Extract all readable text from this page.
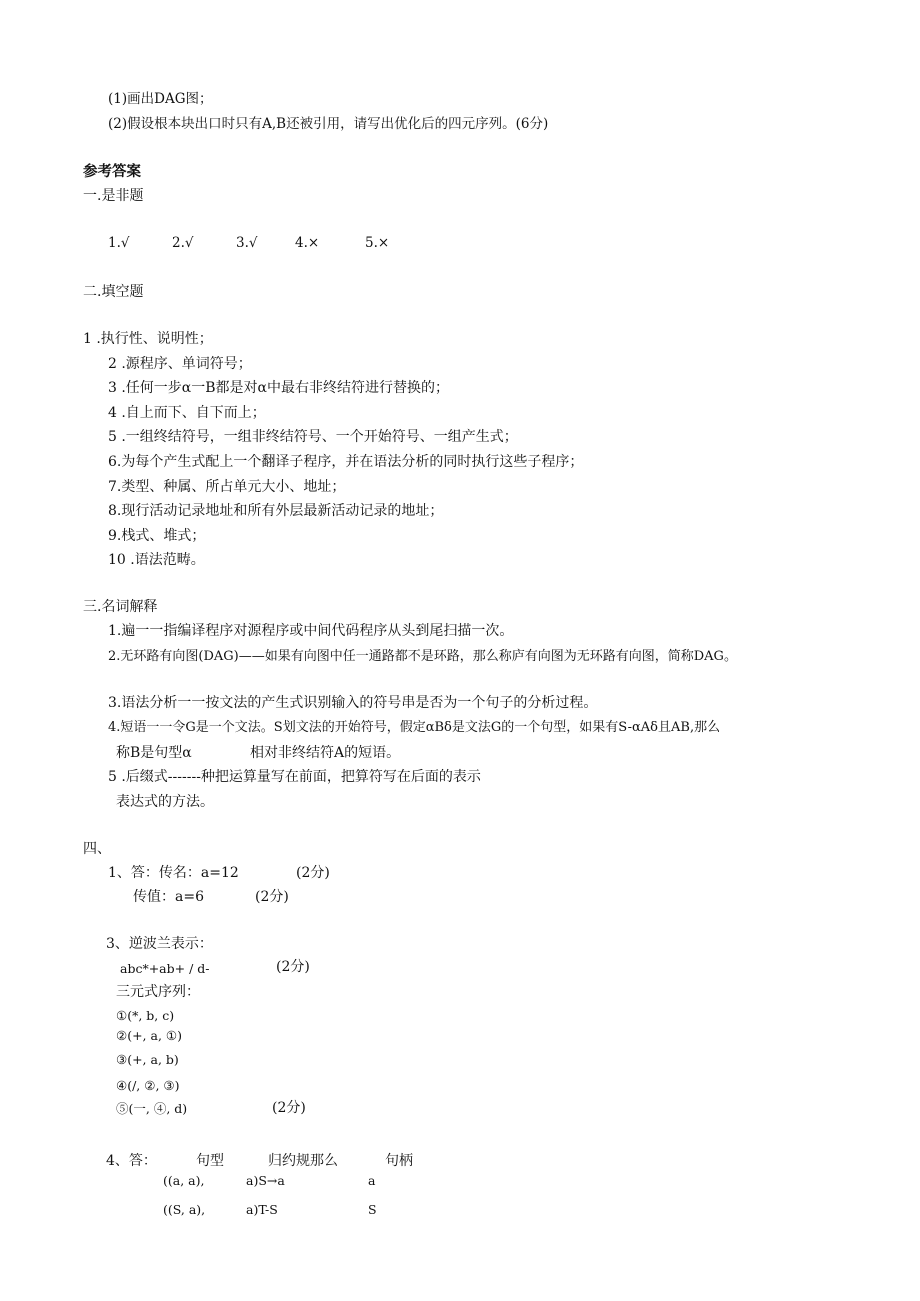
(1)画出DAG图；
(2)假设根本块出口时只有A,B还被引用，请写出优化后的四元序列。(6分)
参考答案
一.是非题
1.√	2.√	3.√	4.×	5.×
二.填空题
1 .执行性、说明性；
2 .源程序、单词符号；
3 .任何一步α一B都是对α中最右非终结符进行替换的；
4 .自上而下、自下而上；
5 .一组终结符号，一组非终结符号、一个开始符号、一组产生式；
6.为每个产生式配上一个翻译子程序，并在语法分析的同时执行这些子程序；
7.类型、种属、所占单元大小、地址；
8.现行活动记录地址和所有外层最新活动记录的地址；
9.栈式、堆式；
10 .语法范畴。
三.名词解释
1.遍一一指编译程序对源程序或中间代码程序从头到尾扫描一次。
2.无环路有向图(DAG)——如果有向图中任一通路都不是环路，那么称庐有向图为无环路有向图，简称DAG。
3.语法分析一一按文法的产生式识别输入的符号串是否为一个句子的分析过程。
4.短语一一令G是一个文法。S划文法的开始符号，假定αBδ是文法G的一个句型，如果有S-αAδ且AB,那么
称B是句型α	相对非终结符A的短语。
5 .后缀式-------种把运算量写在前面，把算符写在后面的表示
表达式的方法。
四、
1、答：传名：a=12	(2分)
传值：a=6	(2分)
3、逆波兰表示：
abc*+ab+ / d-	(2分)
三元式序列：
①(*, b, c)
②(+, a, ①)
③(+, a, b)
④(/, ②, ③)
⑤(一, ④, d)	(2分)
4、答：	句型	归约规那么	句柄
((a, a),	a)S→a	a
((S, a),	a)T-S	S
